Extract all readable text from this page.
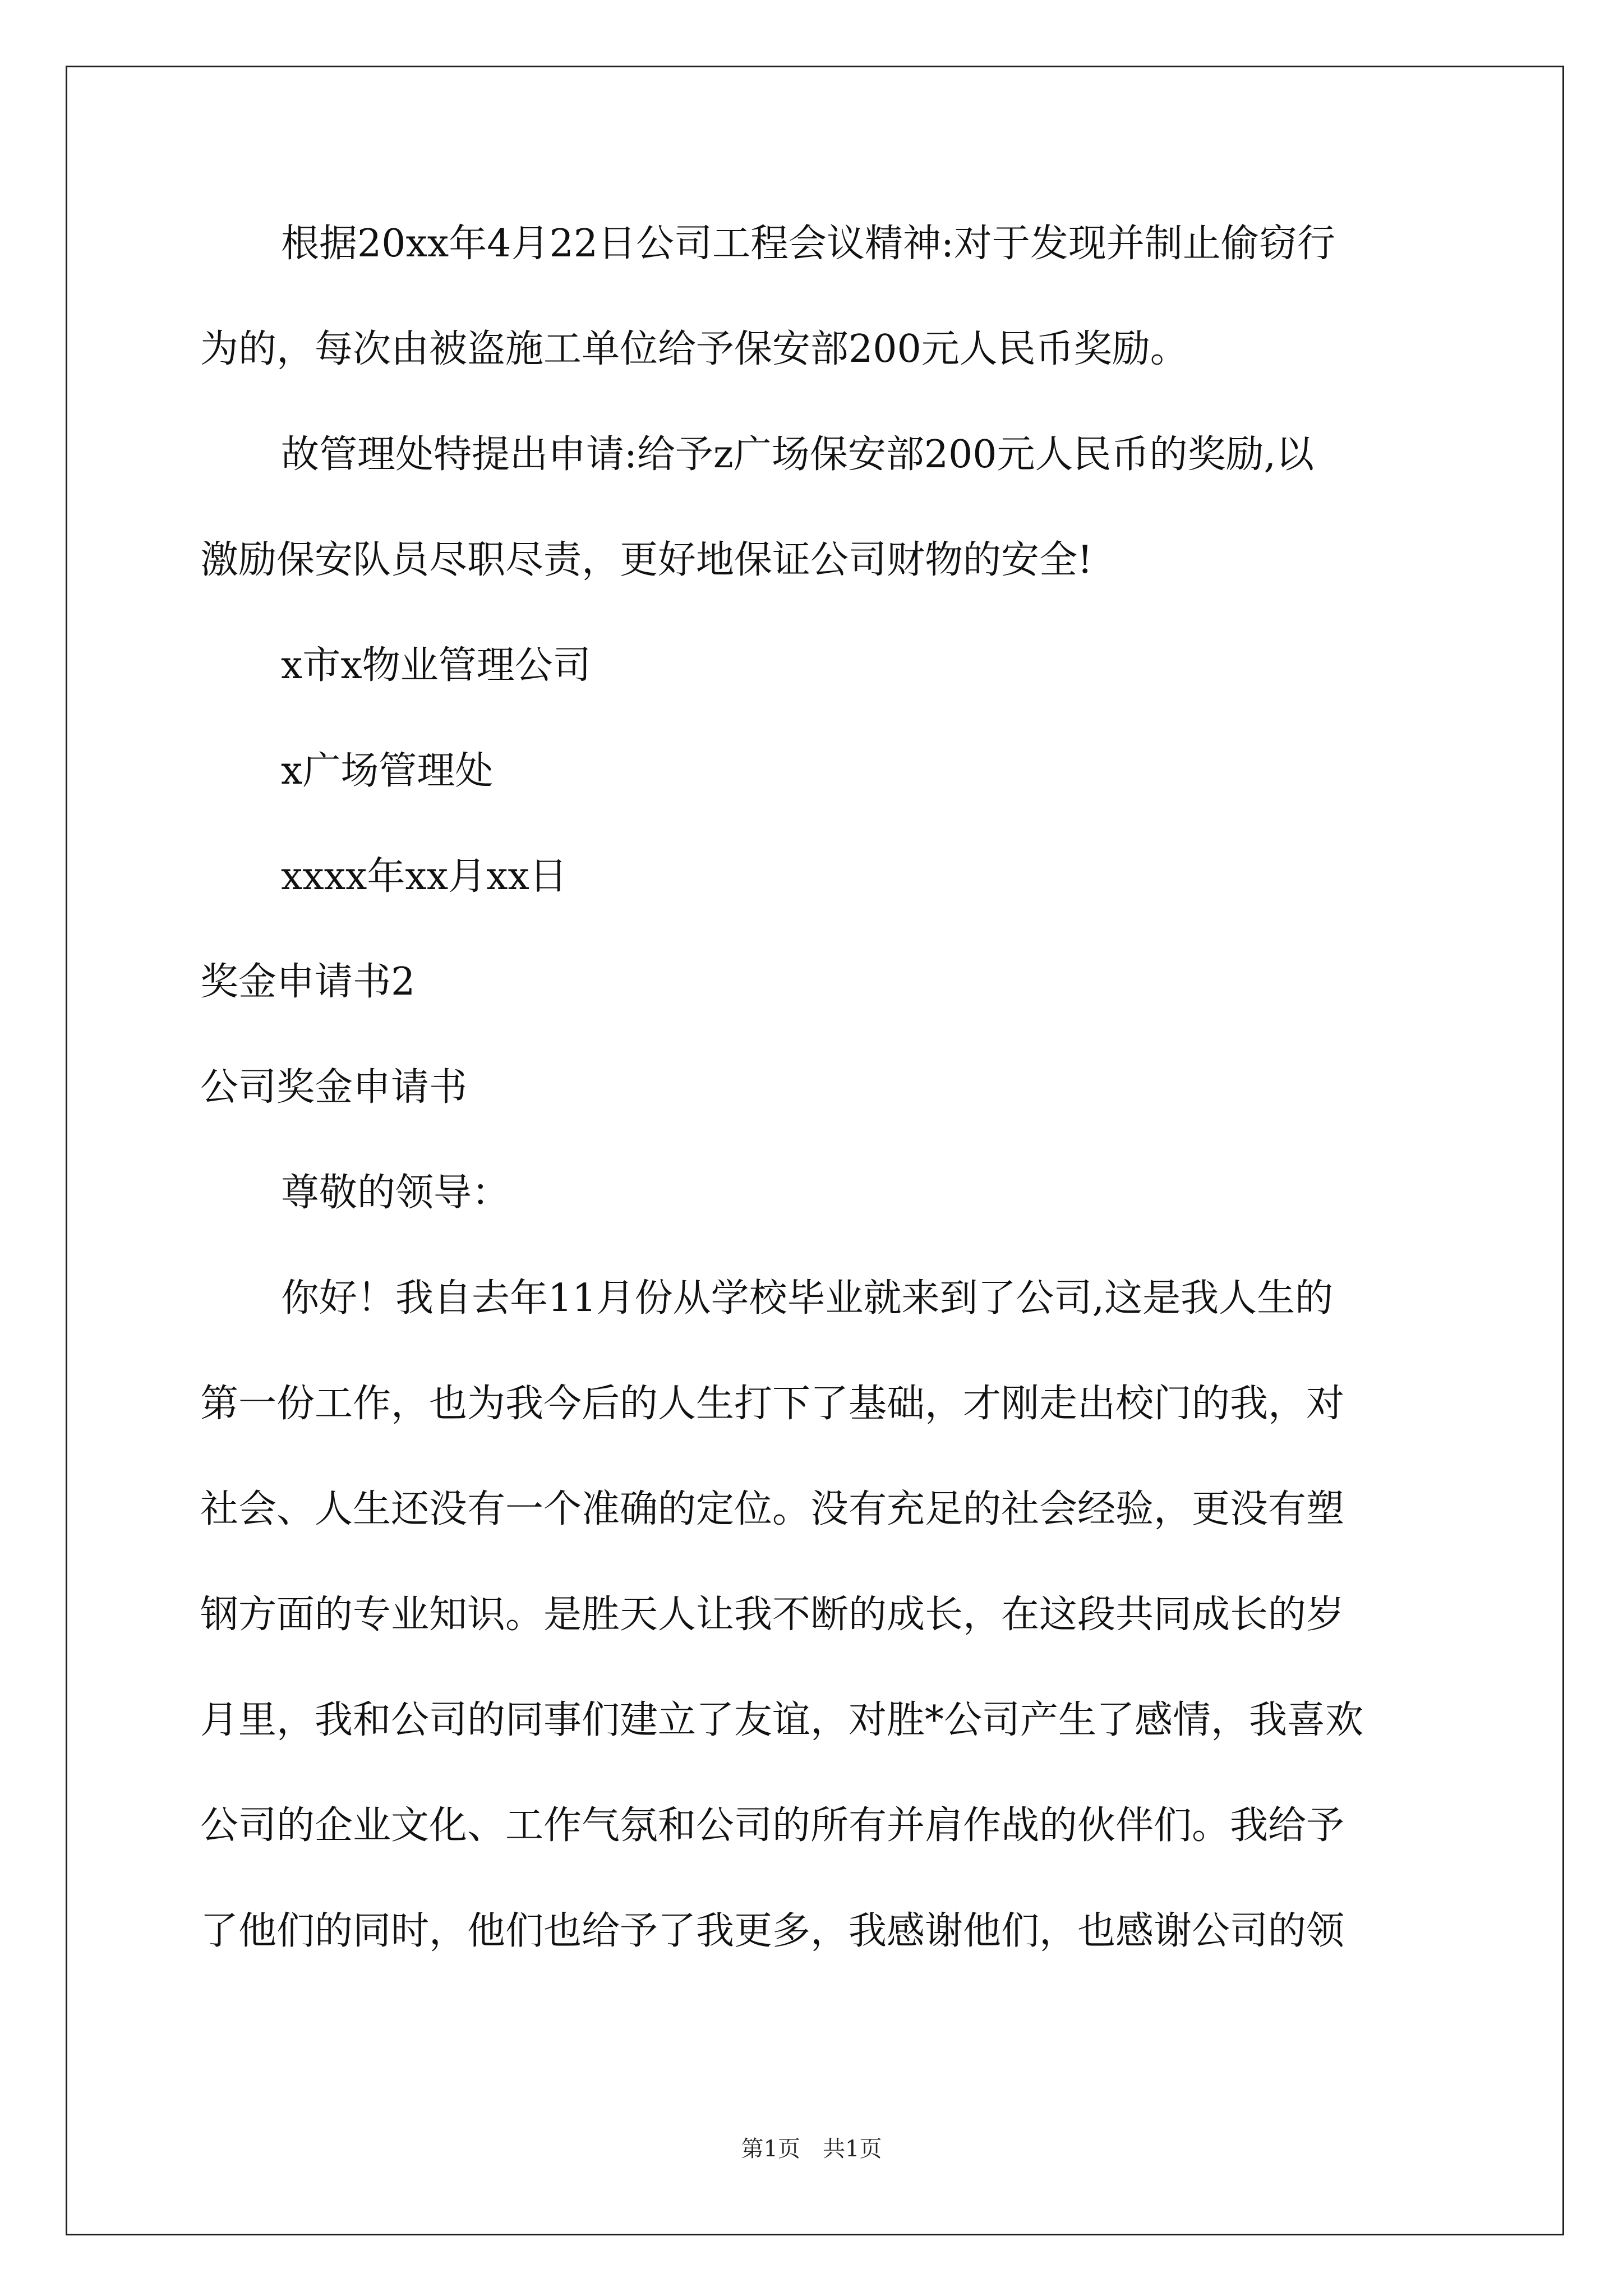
根据20xx年4月22日公司工程会议精神:对于发现并制止偷窃行
为的，每次由被盗施工单位给予保安部200元人民币奖励。
故管理处特提出申请:给予z广场保安部200元人民币的奖励,以
激励保安队员尽职尽责，更好地保证公司财物的安全!
x市x物业管理公司
x广场管理处
xxxx年xx月xx日
奖金申请书2
公司奖金申请书
尊敬的领导：
你好！我自去年11月份从学校毕业就来到了公司,这是我人生的
第一份工作，也为我今后的人生打下了基础，才刚走出校门的我，对
社会、人生还没有一个准确的定位。没有充足的社会经验，更没有塑
钢方面的专业知识。是胜天人让我不断的成长，在这段共同成长的岁
月里，我和公司的同事们建立了友谊，对胜*公司产生了感情，我喜欢
公司的企业文化、工作气氛和公司的所有并肩作战的伙伴们。我给予
了他们的同时，他们也给予了我更多，我感谢他们，也感谢公司的领
第1页　共1页
